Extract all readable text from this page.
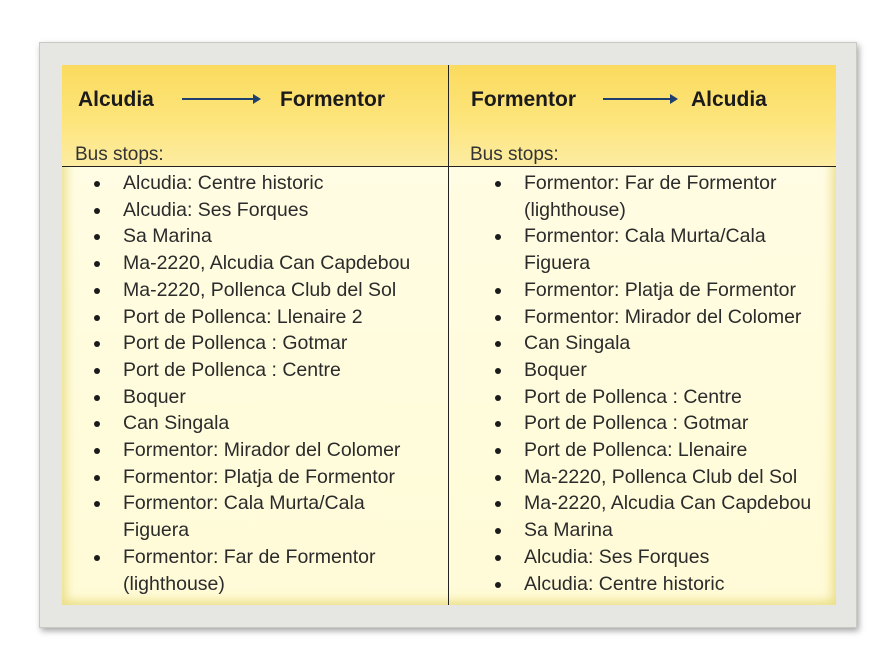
Alcudia	Formentor
Bus stops:
Formentor	Alcudia
Bus stops:
Alcudia: Centre historic
Alcudia: Ses Forques
Sa Marina
Ma-2220, Alcudia Can Capdebou
Ma-2220, Pollenca Club del Sol
Port de Pollenca: Llenaire 2
Port de Pollenca : Gotmar
Port de Pollenca : Centre
Boquer
Can Singala
Formentor: Mirador del Colomer
Formentor: Platja de Formentor
Formentor: Cala Murta/Cala Figuera
Formentor: Far de Formentor (lighthouse)
Formentor: Far de Formentor (lighthouse)
Formentor: Cala Murta/Cala Figuera
Formentor: Platja de Formentor
Formentor: Mirador del Colomer
Can Singala
Boquer
Port de Pollenca : Centre
Port de Pollenca : Gotmar
Port de Pollenca: Llenaire
Ma-2220, Pollenca Club del Sol
Ma-2220, Alcudia Can Capdebou
Sa Marina
Alcudia: Ses Forques
Alcudia: Centre historic
